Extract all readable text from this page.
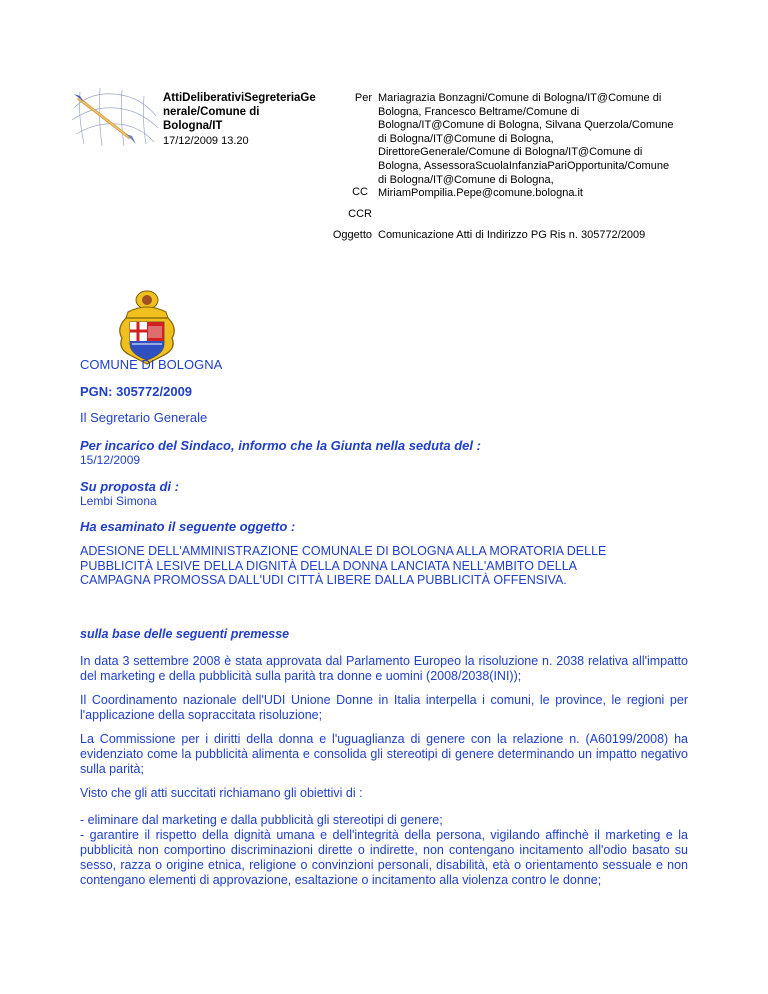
AttiDeliberativiSegreteriaGe
nerale/Comune di
Bologna/IT
17/12/2009 13.20
Per Mariagrazia Bonzagni/Comune di Bologna/IT@Comune di
Bologna, Francesco Beltrame/Comune di
Bologna/IT@Comune di Bologna, Silvana Querzola/Comune
di Bologna/IT@Comune di Bologna,
DirettoreGenerale/Comune di Bologna/IT@Comune di
Bologna, AssessoraScuolaInfanziaPariOpportunita/Comune
di Bologna/IT@Comune di Bologna,
MiriamPompilia.Pepe@comune.bologna.it
CC
CCR
Oggetto Comunicazione Atti di Indirizzo PG Ris n. 305772/2009
COMUNE DI BOLOGNA
PGN: 305772/2009
Il Segretario Generale
Per incarico del Sindaco, informo che la Giunta nella seduta del :
15/12/2009
Su proposta di :
Lembi Simona
Ha esaminato il seguente oggetto :
ADESIONE DELL'AMMINISTRAZIONE COMUNALE DI BOLOGNA ALLA MORATORIA DELLE
PUBBLICITÀ LESIVE DELLA DIGNITÀ DELLA DONNA LANCIATA NELL'AMBITO DELLA
CAMPAGNA PROMOSSA DALL'UDI CITTÀ LIBERE DALLA PUBBLICITÀ OFFENSIVA.
sulla base delle seguenti premesse
In data 3 settembre 2008 è stata approvata dal Parlamento Europeo la risoluzione n. 2038 relativa all'impatto del marketing e della pubblicità sulla parità tra donne e uomini (2008/2038(INI));
Il Coordinamento nazionale dell'UDI Unione Donne in Italia interpella i comuni, le province, le regioni per l'applicazione della sopraccitata risoluzione;
La Commissione per i diritti della donna e l'uguaglianza di genere con la relazione n. (A60199/2008) ha evidenziato come la pubblicità alimenta e consolida gli stereotipi di genere determinando un impatto negativo sulla parità;
Visto che gli atti succitati richiamano gli obiettivi di :
- eliminare dal marketing e dalla pubblicità gli stereotipi di genere;
- garantire il rispetto della dignità umana e dell'integrità della persona, vigilando affinchè il marketing e la pubblicità non comportino discriminazioni dirette o indirette, non contengano incitamento all'odio basato su sesso, razza o origine etnica, religione o convinzioni personali, disabilità, età o orientamento sessuale e non contengano elementi di approvazione, esaltazione o incitamento alla violenza contro le donne;
